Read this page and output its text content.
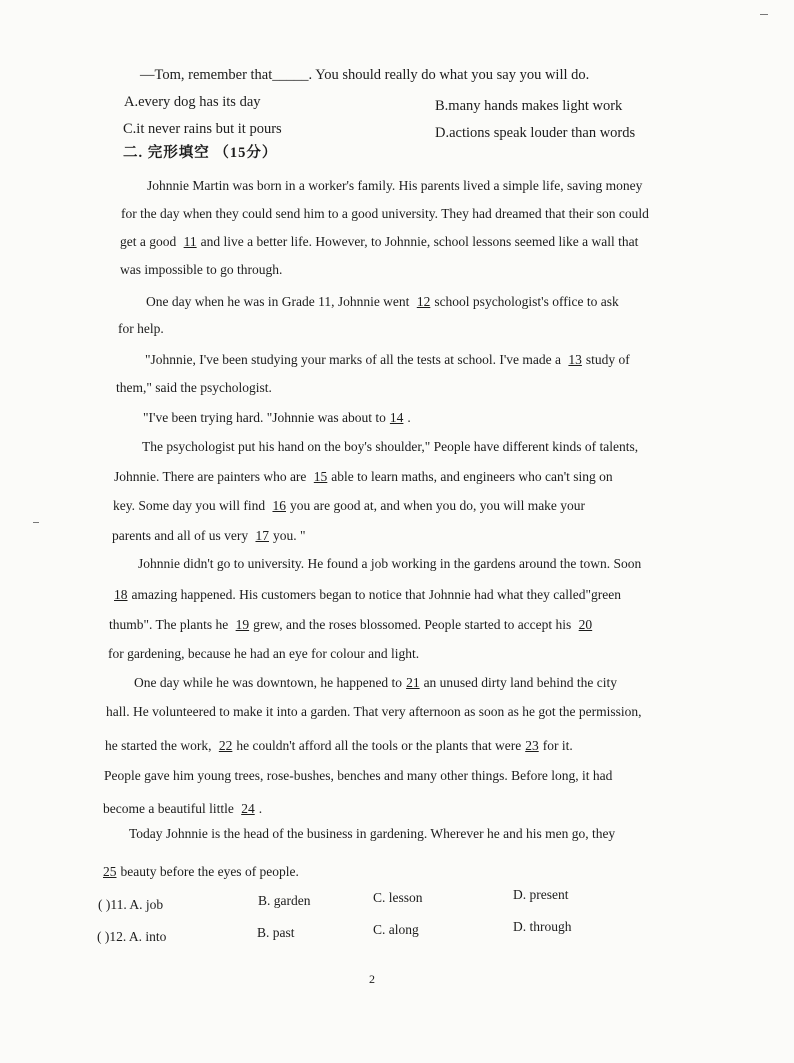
—Tom, remember that_____. You should really do what you say you will do.
A.every dog has its day	B.many hands makes light work
C.it never rains but it pours	D.actions speak louder than words
二. 完形填空 （15分）
Johnnie Martin was born in a worker's family. His parents lived a simple life, saving money
for the day when they could send him to a good university. They had dreamed that their son could
get a good 11 and live a better life. However, to Johnnie, school lessons seemed like a wall that
was impossible to go through.
One day when he was in Grade 11, Johnnie went 12 school psychologist's office to ask
for help.
"Johnnie, I've been studying your marks of all the tests at school. I've made a 13 study of
them," said the psychologist.
"I've been trying hard. "Johnnie was about to 14 .
The psychologist put his hand on the boy's shoulder," People have different kinds of talents,
Johnnie. There are painters who are 15 able to learn maths, and engineers who can't sing on
key. Some day you will find 16 you are good at, and when you do, you will make your
parents and all of us very 17 you. "
Johnnie didn't go to university. He found a job working in the gardens around the town. Soon
18 amazing happened. His customers began to notice that Johnnie had what they called"green
thumb". The plants he 19 grew, and the roses blossomed. People started to accept his 20
for gardening, because he had an eye for colour and light.
One day while he was downtown, he happened to 21 an unused dirty land behind the city
hall. He volunteered to make it into a garden. That very afternoon as soon as he got the permission,
he started the work, 22 he couldn't afford all the tools or the plants that were 23 for it.
People gave him young trees, rose-bushes, benches and many other things. Before long, it had
become a beautiful little 24 .
Today Johnnie is the head of the business in gardening. Wherever he and his men go, they
25 beauty before the eyes of people.
( )11. A. job	B. garden	C. lesson	D. present
( )12. A. into	B. past	C. along	D. through
2
